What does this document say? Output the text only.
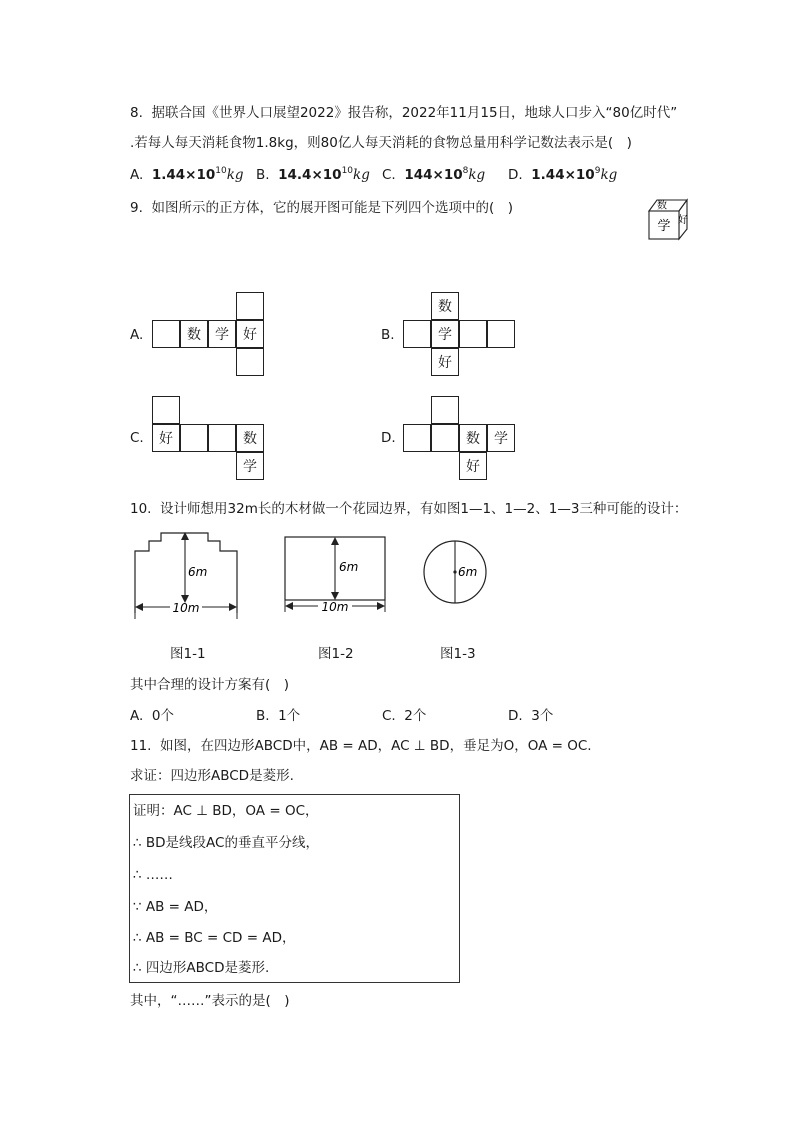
8.  据联合国《世界人口展望2022》报告称，2022年11月15日，地球人口步入“80亿时代”
.若每人每天消耗食物1.8kg，则80亿人每天消耗的食物总量用科学记数法表示是(　)
A.  $1.44\times 10^{10}kg$ B.  $14.4\times 10^{10}kg$ C.  $144\times 10^8kg$ D.  $1.44\times 10^9kg$
9.  如图所示的正方体，它的展开图可能是下列四个选项中的(　)	数
学 好
A.	数	学	好	B.
数
学
好
C.	好	数
学
D.	数	学
好
10.  设计师想用32m长的木材做一个花园边界，有如图1—1、1—2、1—3三种可能的设计：
6m
10m
6m
10m
6m
图1-1	图1-2	图1-3
其中合理的设计方案有(　)
A.  0个	B.  1个	C.  2个	D.  3个
11.  如图，在四边形ABCD中，AB = AD，AC ⊥ BD，垂足为O，OA = OC.
求证：四边形ABCD是菱形.
证明：AC ⊥ BD，OA = OC，
∴ BD是线段AC的垂直平分线，
∴ ……
∵ AB = AD，
∴ AB = BC = CD = AD，
∴ 四边形ABCD是菱形.
其中，“……”表示的是(　)
